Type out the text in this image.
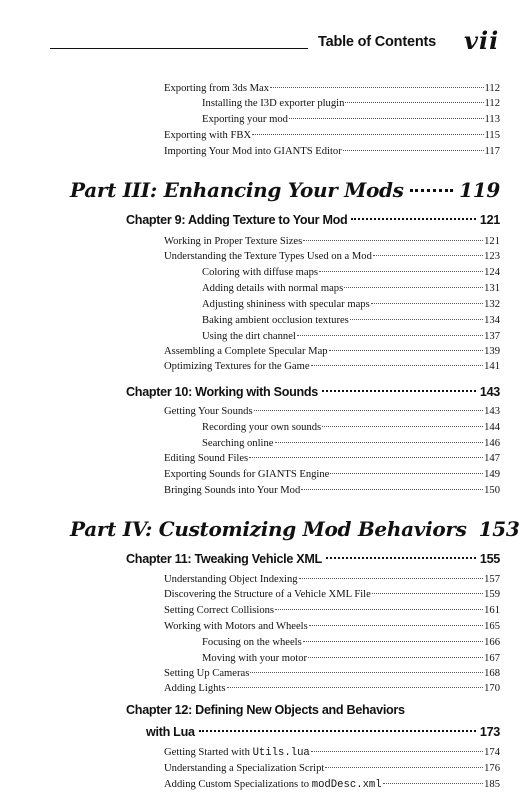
Table of Contents vii
Exporting from 3ds Max	112
Installing the I3D exporter plugin	112
Exporting your mod	113
Exporting with FBX	115
Importing Your Mod into GIANTS Editor	117
Part III: Enhancing Your Mods	119
Chapter 9: Adding Texture to Your Mod	121
Working in Proper Texture Sizes	121
Understanding the Texture Types Used on a Mod	123
Coloring with diffuse maps	124
Adding details with normal maps	131
Adjusting shininess with specular maps	132
Baking ambient occlusion textures	134
Using the dirt channel	137
Assembling a Complete Specular Map	139
Optimizing Textures for the Game	141
Chapter 10: Working with Sounds	143
Getting Your Sounds	143
Recording your own sounds	144
Searching online	146
Editing Sound Files	147
Exporting Sounds for GIANTS Engine	149
Bringing Sounds into Your Mod	150
Part IV: Customizing Mod Behaviors 153
Chapter 11: Tweaking Vehicle XML	155
Understanding Object Indexing	157
Discovering the Structure of a Vehicle XML File	159
Setting Correct Collisions	161
Working with Motors and Wheels	165
Focusing on the wheels	166
Moving with your motor	167
Setting Up Cameras	168
Adding Lights	170
Chapter 12: Defining New Objects and Behaviors
with Lua	173
Getting Started with Utils.lua	174
Understanding a Specialization Script	176
Adding Custom Specializations to modDesc.xml	185
